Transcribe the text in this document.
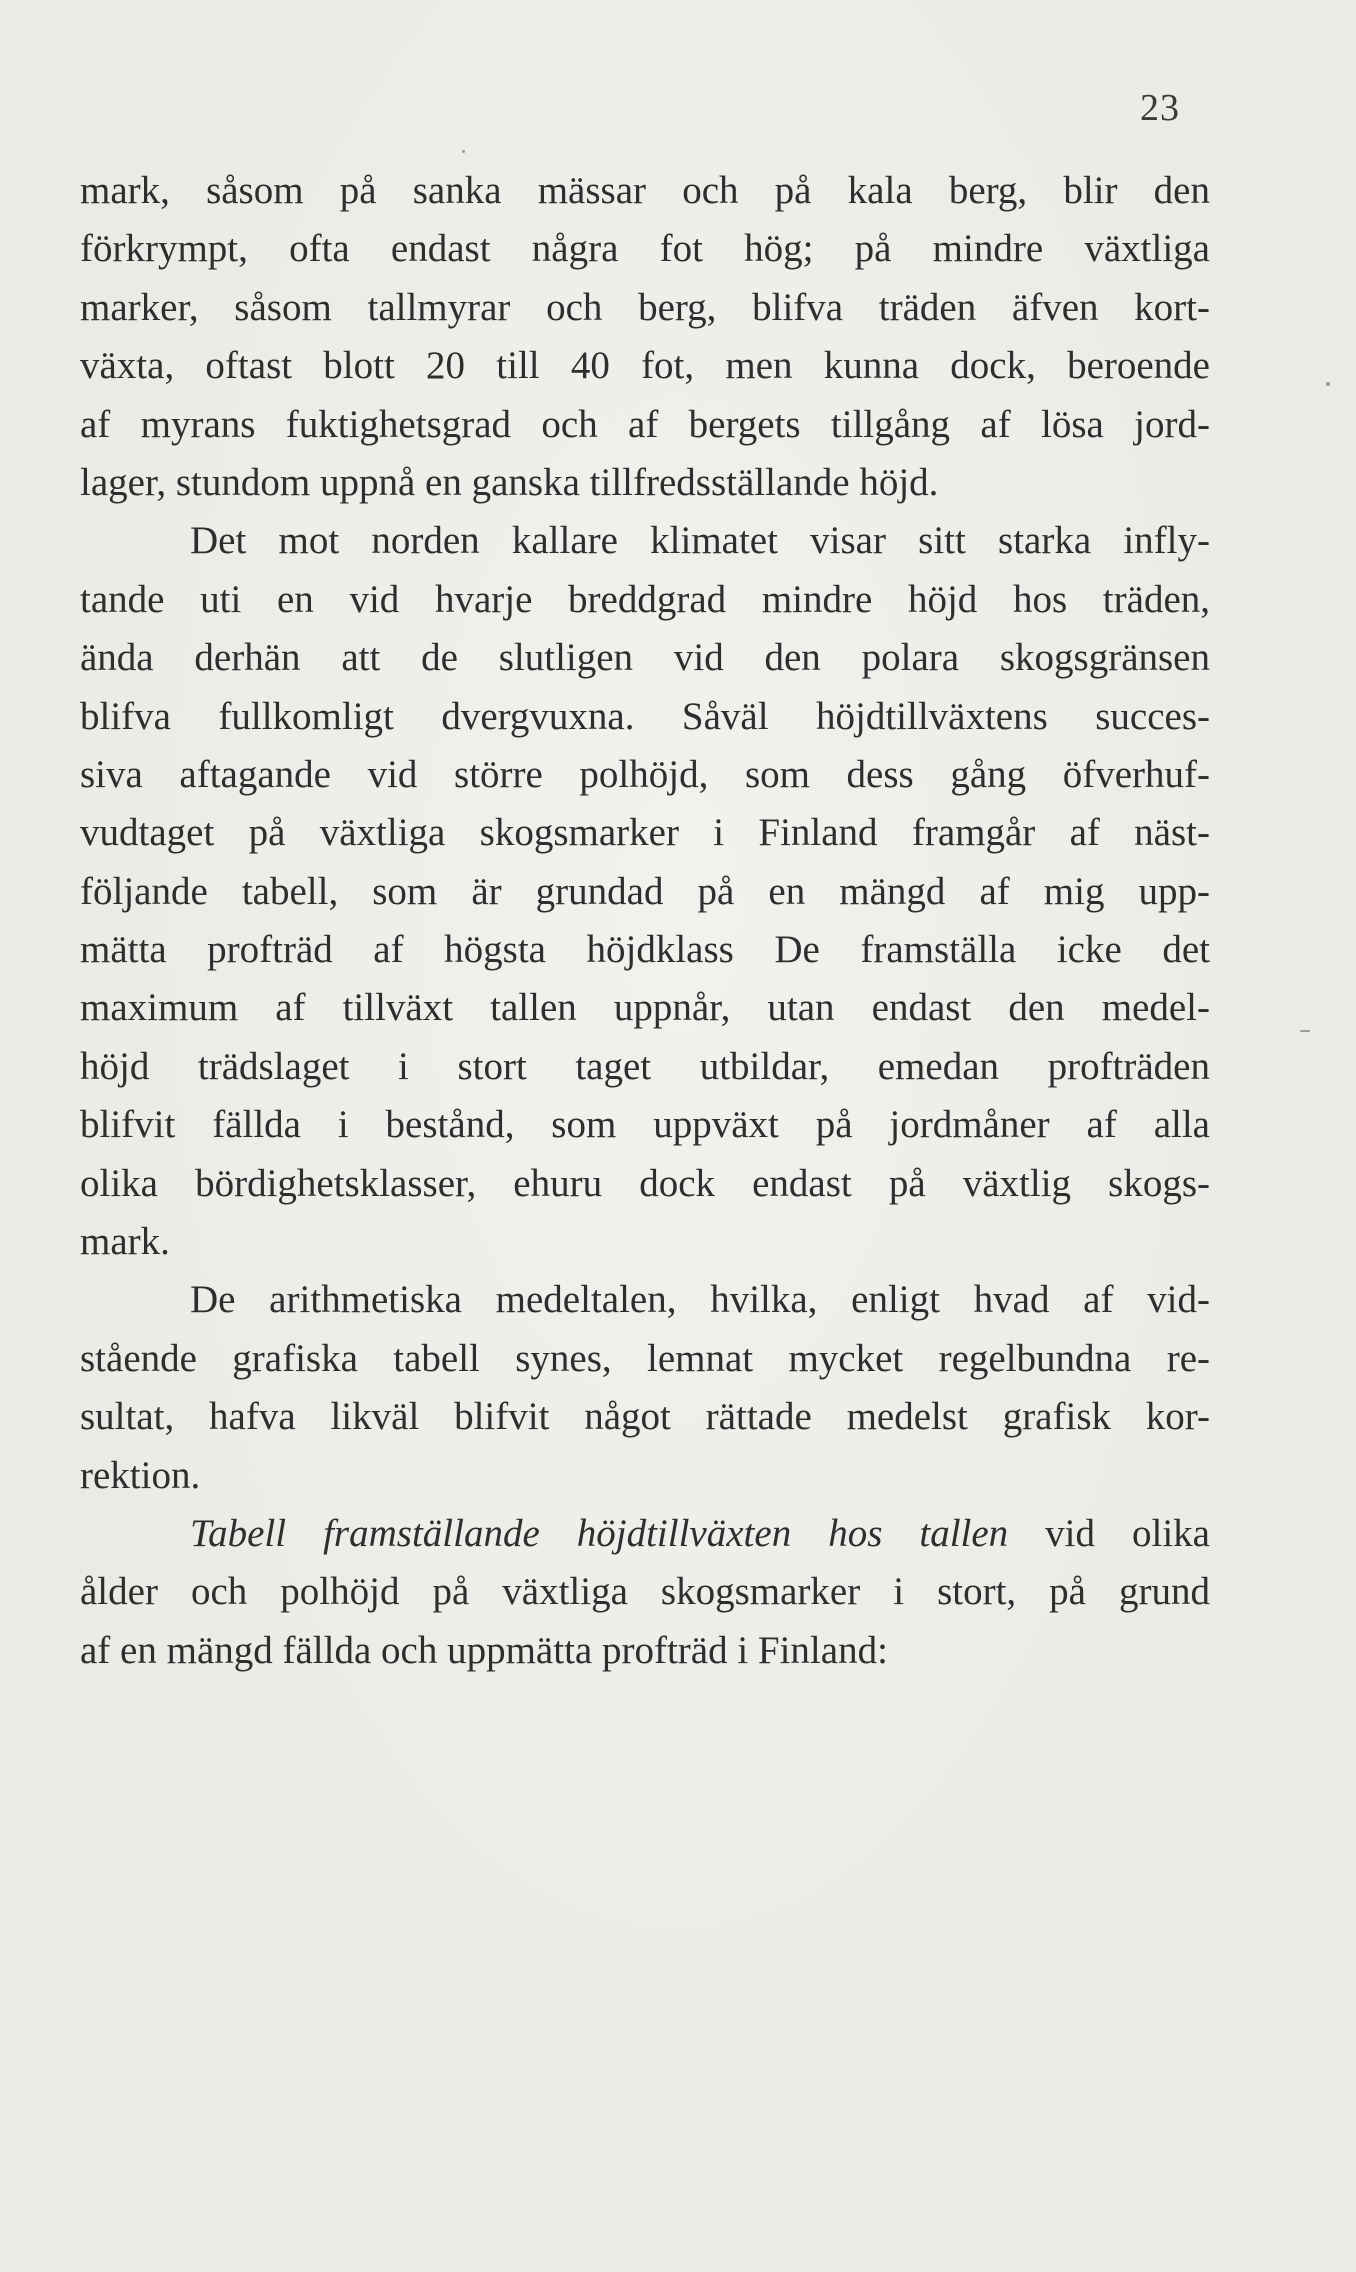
23
mark, såsom på sanka mässar och på kala berg, blir den
förkrympt, ofta endast några fot hög; på mindre växtliga
marker, såsom tallmyrar och berg, blifva träden äfven kort-
växta, oftast blott 20 till 40 fot, men kunna dock, beroende
af myrans fuktighetsgrad och af bergets tillgång af lösa jord-
lager, stundom uppnå en ganska tillfredsställande höjd.
Det mot norden kallare klimatet visar sitt starka infly-
tande uti en vid hvarje breddgrad mindre höjd hos träden,
ända derhän att de slutligen vid den polara skogsgränsen
blifva fullkomligt dvergvuxna. Såväl höjdtillväxtens succes-
siva aftagande vid större polhöjd, som dess gång öfverhuf-
vudtaget på växtliga skogsmarker i Finland framgår af näst-
följande tabell, som är grundad på en mängd af mig upp-
mätta profträd af högsta höjdklass De framställa icke det
maximum af tillväxt tallen uppnår, utan endast den medel-
höjd trädslaget i stort taget utbildar, emedan profträden
blifvit fällda i bestånd, som uppväxt på jordmåner af alla
olika bördighetsklasser, ehuru dock endast på växtlig skogs-
mark.
De arithmetiska medeltalen, hvilka, enligt hvad af vid-
stående grafiska tabell synes, lemnat mycket regelbundna re-
sultat, hafva likväl blifvit något rättade medelst grafisk kor-
rektion.
Tabell framställande höjdtillväxten hos tallen vid olika
ålder och polhöjd på växtliga skogsmarker i stort, på grund
af en mängd fällda och uppmätta profträd i Finland:
